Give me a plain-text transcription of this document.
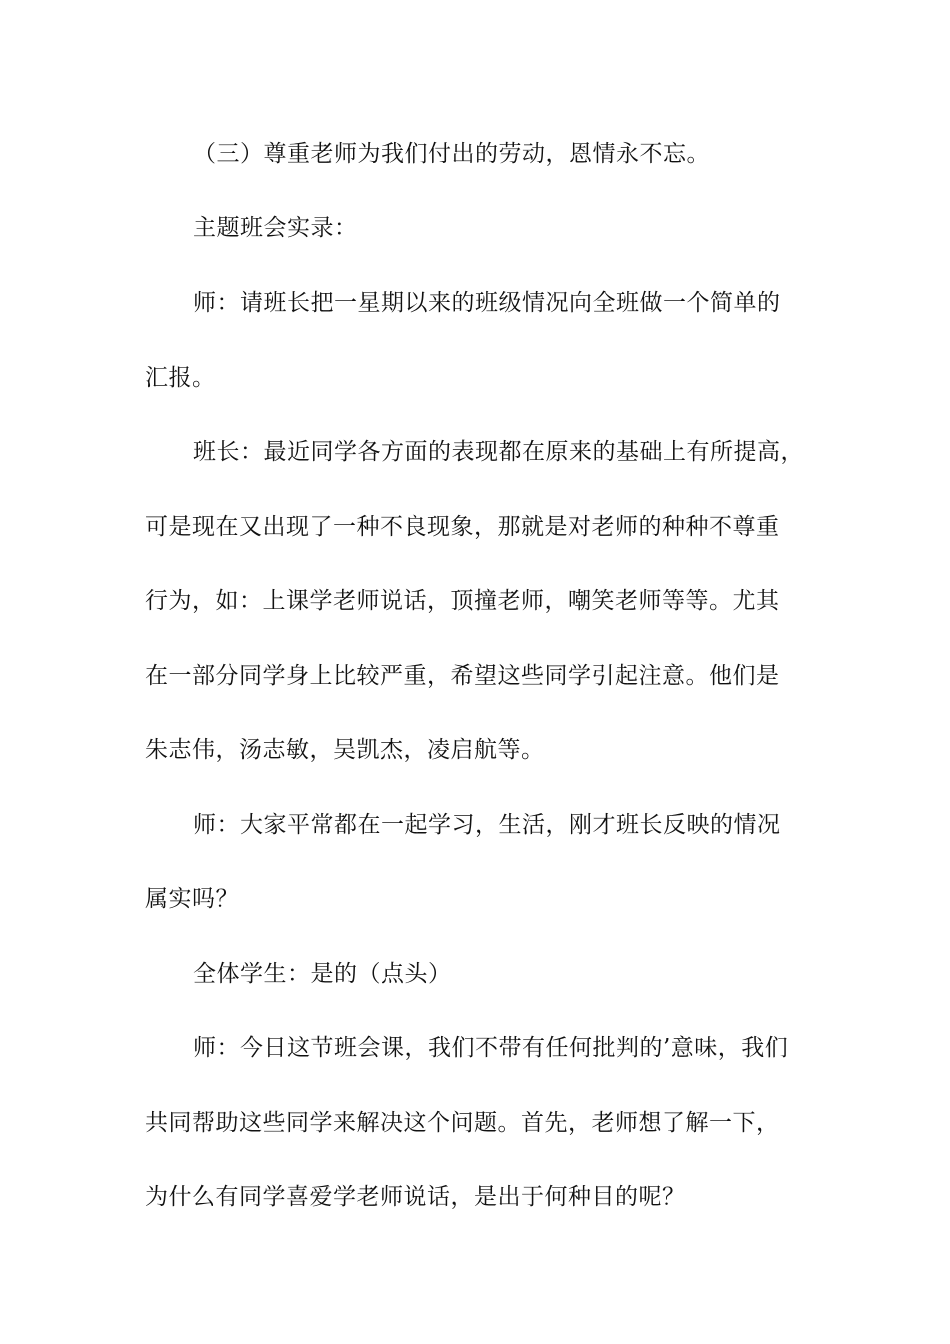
（三）尊重老师为我们付出的劳动，恩情永不忘。
主题班会实录：
师：请班长把一星期以来的班级情况向全班做一个简单的
汇报。
班长：最近同学各方面的表现都在原来的基础上有所提高，
可是现在又出现了一种不良现象，那就是对老师的种种不尊重
行为，如：上课学老师说话，顶撞老师，嘲笑老师等等。尤其
在一部分同学身上比较严重，希望这些同学引起注意。他们是
朱志伟，汤志敏，吴凯杰，凌启航等。
师：大家平常都在一起学习，生活，刚才班长反映的情况
属实吗？
全体学生：是的（点头）
师：今日这节班会课，我们不带有任何批判的’意味，我们
共同帮助这些同学来解决这个问题。首先，老师想了解一下，
为什么有同学喜爱学老师说话，是出于何种目的呢？
